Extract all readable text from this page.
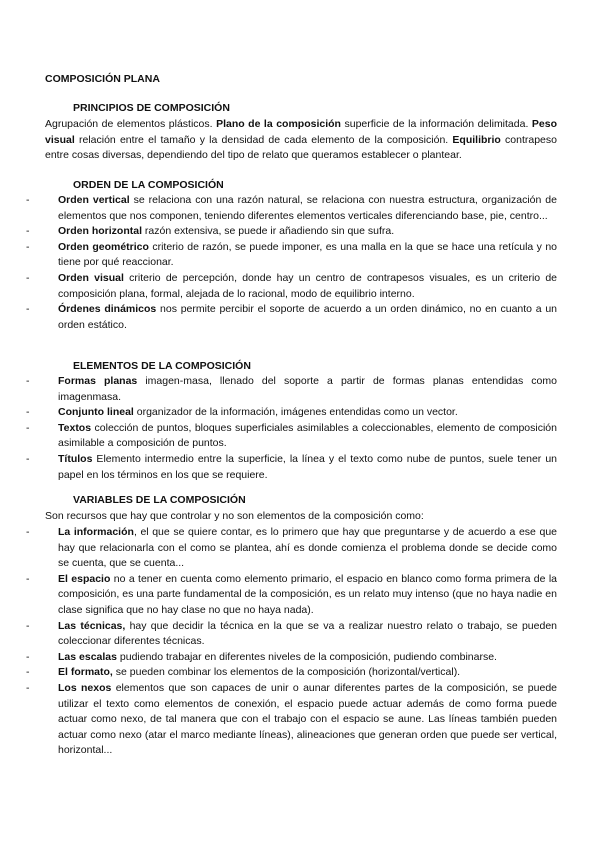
COMPOSICIÓN PLANA
PRINCIPIOS DE COMPOSICIÓN

Agrupación de elementos plásticos. Plano de la composición superficie de la información delimitada. Peso visual relación entre el tamaño y la densidad de cada elemento de la composición. Equilibrio contrapeso entre cosas diversas, dependiendo del tipo de relato que queramos establecer o plantear.

ORDEN DE LA COMPOSICIÓN
-	Orden vertical se relaciona con una razón natural, se relaciona con nuestra estructura, organización de elementos que nos componen, teniendo diferentes elementos verticales diferenciando base, pie, centro...
-	Orden horizontal razón extensiva, se puede ir añadiendo sin que sufra.
-	Orden geométrico criterio de razón, se puede imponer, es una malla en la que se hace una retícula y no tiene por qué reaccionar.
-	Orden visual criterio de percepción, donde hay un centro de contrapesos visuales, es un criterio de composición plana, formal, alejada de lo racional, modo de equilibrio interno.
-	Órdenes dinámicos nos permite percibir el soporte de acuerdo a un orden dinámico, no en cuanto a un orden estático.
ELEMENTOS DE LA COMPOSICIÓN
-	Formas planas imagen-masa, llenado del soporte a partir de formas planas entendidas como imagenmasa.
-	Conjunto lineal organizador de la información, imágenes entendidas como un vector.
-	Textos colección de puntos, bloques superficiales asimilables a coleccionables, elemento de composición asimilable a composición de puntos.
-	Títulos Elemento intermedio entre la superficie, la línea y el texto como nube de puntos, suele tener un papel en los términos en los que se requiere.
VARIABLES DE LA COMPOSICIÓN

Son recursos que hay que controlar y no son elementos de la composición como:

-	La información, el que se quiere contar, es lo primero que hay que preguntarse y de acuerdo a ese que hay que relacionarla con el como se plantea, ahí es donde comienza el problema donde se decide como se cuenta, que se cuenta...
-	El espacio no a tener en cuenta como elemento primario, el espacio en blanco como forma primera de la composición, es una parte fundamental de la composición, es un relato muy intenso (que no haya nadie en clase significa que no hay clase no que no haya nada).
-	Las técnicas, hay que decidir la técnica en la que se va a realizar nuestro relato o trabajo, se pueden coleccionar diferentes técnicas.
-	Las escalas pudiendo trabajar en diferentes niveles de la composición, pudiendo combinarse.
-	El formato, se pueden combinar los elementos de la composición (horizontal/vertical).
-	Los nexos elementos que son capaces de unir o aunar diferentes partes de la composición, se puede utilizar el texto como elementos de conexión, el espacio puede actuar además de como forma puede actuar como nexo, de tal manera que con el trabajo con el espacio se aune. Las líneas también pueden actuar como nexo (atar el marco mediante líneas), alineaciones que generan orden que puede ser vertical, horizontal...
